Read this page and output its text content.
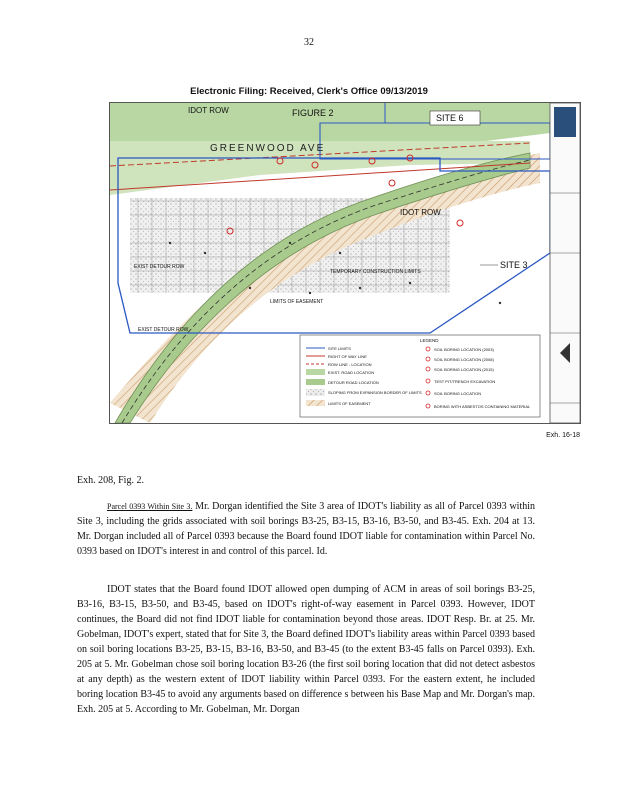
32
Electronic Filing: Received, Clerk's Office 09/13/2019
IDOT ROW	FIGURE 2
GREENWOOD AVE
SITE 6
IDOT ROW
SITE 3
TEMPORARY CONSTRUCTION LIMITS
LIMITS OF EASEMENT
EXIST DETOUR ROW
EXIST DETOUR ROW
LEGEND
SITE LIMITS
RIGHT OF WAY LINE
ROW LINE - LOCATION
EXIST. ROAD LOCATION
DETOUR ROAD LOCATION
SLOPING FROM EXPANSION BORDER OF LIMITS
LIMITS OF EASEMENT
SOIL BORING LOCATION (2003)
SOIL BORING LOCATION (2008)
SOIL BORING LOCATION (2015)
TEST PIT/TRENCH EXCAVATION
SOIL BORING LOCATION
BORING WITH ASBESTOS CONTAINING MATERIAL
Exh. 16-18
Exh. 208, Fig. 2.

Parcel 0393 Within Site 3. Mr. Dorgan identified the Site 3 area of IDOT's liability as all of Parcel 0393 within Site 3, including the grids associated with soil borings B3-25, B3-15, B3-16, B3-50, and B3-45. Exh. 204 at 13. Mr. Dorgan included all of Parcel 0393 because the Board found IDOT liable for contamination within Parcel No. 0393 based on IDOT's interest in and control of this parcel. Id.

IDOT states that the Board found IDOT allowed open dumping of ACM in areas of soil borings B3-25, B3-16, B3-15, B3-50, and B3-45, based on IDOT's right-of-way easement in Parcel 0393. However, IDOT continues, the Board did not find IDOT liable for contamination beyond those areas. IDOT Resp. Br. at 25. Mr. Gobelman, IDOT's expert, stated that for Site 3, the Board defined IDOT's liability areas within Parcel 0393 based on soil boring locations B3-25, B3-15, B3-16, B3-50, and B3-45 (to the extent B3-45 falls on Parcel 0393). Exh. 205 at 5. Mr. Gobelman chose soil boring location B3-26 (the first soil boring location that did not detect asbestos at any depth) as the western extent of IDOT liability within Parcel 0393. For the eastern extent, he included boring location B3-45 to avoid any arguments based on difference s between his Base Map and Mr. Dorgan's map. Exh. 205 at 5. According to Mr. Gobelman, Mr. Dorgan
